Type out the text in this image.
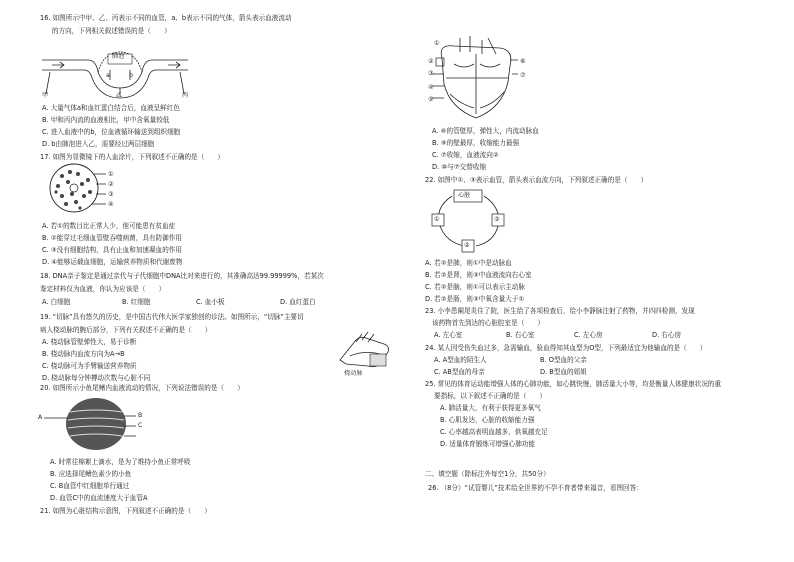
16. 如图所示中甲、乙、丙表示不同的血管，a、b表示不同的气体，箭头表示血液流动
的方向，下列相关叙述错误的是（　　）
肺泡
a	b
甲	乙	丙
A. 大量气体a和血红蛋白结合后，血液呈鲜红色
B. 甲和丙内流的血液相比，甲中含氧量较低
C. 进入血液中的b，位血液循环输送到组织细胞
D. b由肺泡进入乙，需要经过两层细胞
17. 如图为显微镜下的人血涂片，下列叙述不正确的是（　　）
①
②
③
④
A. 若①的数目比正常人少，他可能患有贫血症
B. ②能穿过毛细血管壁吞噬病菌，具有防御作用
C. ③没有细胞结构，具有止血和加速凝血的作用
D. ④能够运载血细胞，运输营养物质和代谢废物
18. DNA亲子鉴定是通过亲代与子代细胞中DNA比对来进行的，其准确高达99.99999%，若某次
鉴定材料仅为血液，你认为应该是（　　）
A. 白细胞	B. 红细胞	C. 血小板	D. 血红蛋白
19. “切脉”具有悠久的历史，是中国古代伟大医学家独创的诊法。如图所示，“切脉”主要切
病人桡动脉的腕后部分，下列有关叙述不正确的是（　　）
A. 桡动脉管壁弹性大，易于诊断
B. 桡动脉内血流方向为A→B
C. 桡动脉可为手臂输送营养物质
D. 桡动脉每分钟搏动次数与心脏不同
桡动脉
20. 如图所示小鱼尾鳍内血液流动的情况，下列说法错误的是（　　）
A	B
C
A. 时常往棉絮上滴水，是为了维持小鱼正常呼吸
B. 应选择尾鳍色素少的小鱼
C. B血管中红细胞单行通过
D. 血管C中的血流速度大于血管A
21. 如图为心脏结构示意图，下列叙述不正确的是（　　）
①
②
③
④
⑤
⑥
⑦
A. ⑥的管壁厚，弹性大，内流动脉血
B. ⑨的壁最厚，收缩能力最强
C. ⑦收缩，血液流向②
D. ⑩与⑦交替收缩
22. 如图中①、③表示血管，箭头表示血流方向，下列叙述正确的是（　　）
心脏
①
②
③
A. 若②是肺，则①中是动脉血
B. 若②是肾，则③中血液流向右心室
C. 若②是脑，则①可以表示主动脉
D. 若②是肠，则③中氧含量大于①
23. 小李患阑尾炎住了院，医生给了各项检查后，给小李静脉注射了药物，并四四检测，发现
该药物首先到达的心脏腔室是（　　）
A. 左心室	B. 右心室	C. 左心房	D. 右心房
24. 某人因受伤失血过多，急需输血，验血得知其血型为O型，下列最适宜为他输血的是（　　）
A. A型血的陌生人	B. O型血的父亲
C. AB型血的母亲	D. B型血的姐姐
25. 常见的体育运动能增强人体的心肺功能，如心跳快慢，肺活量大小等，均是衡量人体健康状况的重
要指标，以下叙述不正确的是（　　）
A. 肺活量大，有利于获得更多氧气
B. 心肌发达，心脏的收缩能力强
C. 心率越高表明血越多，供氧越充足
D. 适量体育锻炼可增强心肺功能
二、填空题（除标注外每空1分，共50分）
26. （8分）“试管婴儿”技术给全世界的不孕不育者带来福音，看图回答：
